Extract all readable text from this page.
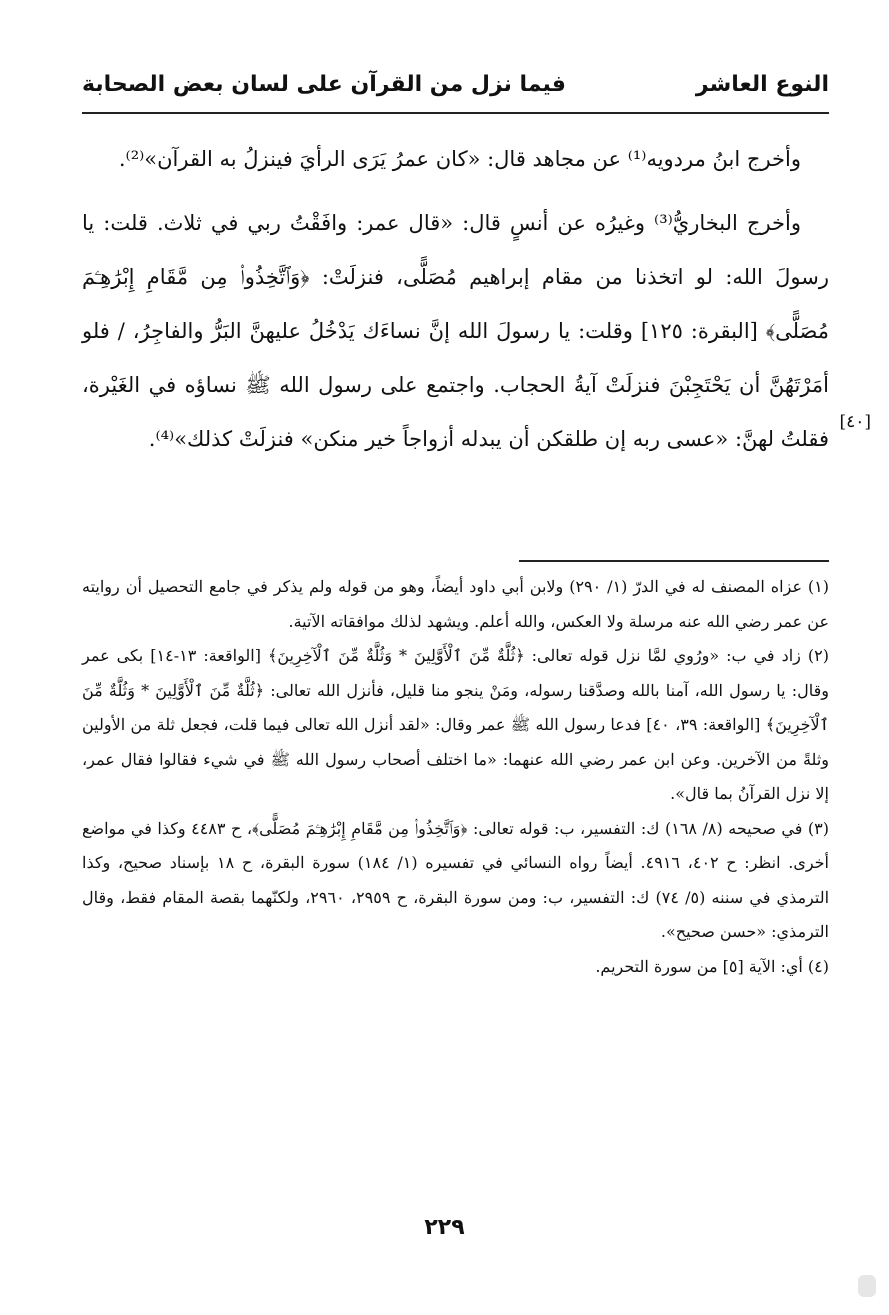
النوع العاشر
فيما نزل من القرآن على لسان بعض الصحابة

وأخرج ابنُ مردويه⁽¹⁾ عن مجاهد قال: «كان عمرُ يَرَى الرأيَ فينزلُ به القرآن»⁽²⁾.

وأخرج البخاريُّ⁽³⁾ وغيرُه عن أنسٍ قال: «قال عمر: وافَقْتُ ربي في ثلاث. قلت: يا رسولَ الله: لو اتخذنا من مقام إبراهيم مُصَلًّى، فنزلَتْ: ﴿وَٱتَّخِذُوا۟ مِن مَّقَامِ إِبْرَٰهِـۧمَ مُصَلًّى﴾ [البقرة: ١٢٥] وقلت: يا رسولَ الله إنَّ نساءَك يَدْخُلُ عليهنَّ البَرُّ والفاجِرُ، / فلو أمَرْتَهُنَّ أن يَحْتَجِبْنَ فنزلَتْ آيةُ الحجاب. واجتمع على رسول الله ﷺ نساؤه في الغَيْرة، فقلتُ لهنَّ: «عسى ربه إن طلقكن أن يبدله أزواجاً خير منكن» فنزلَتْ كذلك»⁽⁴⁾.

[٤٠]

(١) عزاه المصنف له في الدرّ (١/ ٢٩٠) ولابن أبي داود أيضاً، وهو من قوله ولم يذكر في جامع التحصيل أن روايته عن عمر رضي الله عنه مرسلة ولا العكس، والله أعلم. ويشهد لذلك موافقاته الآتية.

(٢) زاد في ب: «ورُوي لمَّا نزل قوله تعالى: ﴿ثُلَّةٌ مِّنَ ٱلْأَوَّلِينَ * وَثُلَّةٌ مِّنَ ٱلْآخِرِينَ﴾ [الواقعة: ١٣-١٤] بكى عمر وقال: يا رسول الله، آمنا بالله وصدَّقنا رسوله، ومَنْ ينجو منا قليل، فأنزل الله تعالى: ﴿ثُلَّةٌ مِّنَ ٱلْأَوَّلِينَ * وَثُلَّةٌ مِّنَ ٱلْآخِرِينَ﴾ [الواقعة: ٣٩، ٤٠] فدعا رسول الله ﷺ عمر وقال: «لقد أنزل الله تعالى فيما قلت، فجعل ثلة من الأولين وثلةً من الآخرين. وعن ابن عمر رضي الله عنهما: «ما اختلف أصحاب رسول الله ﷺ في شيء فقالوا فقال عمر، إلا نزل القرآنُ بما قال».

(٣) في صحيحه (٨/ ١٦٨) ك: التفسير، ب: قوله تعالى: ﴿وَٱتَّخِذُوا۟ مِن مَّقَامِ إِبْرَٰهِـۧمَ مُصَلًّى﴾، ح ٤٤٨٣ وكذا في مواضع أخرى. انظر: ح ٤٠٢، ٤٩١٦. أيضاً رواه النسائي في تفسيره (١/ ١٨٤) سورة البقرة، ح ١٨ بإسناد صحيح، وكذا الترمذي في سننه (٥/ ٧٤) ك: التفسير، ب: ومن سورة البقرة، ح ٢٩٥٩، ٢٩٦٠، ولكنّهما بقصة المقام فقط، وقال الترمذي: «حسن صحيح».

(٤) أي: الآية [٥] من سورة التحريم.

٢٢٩
